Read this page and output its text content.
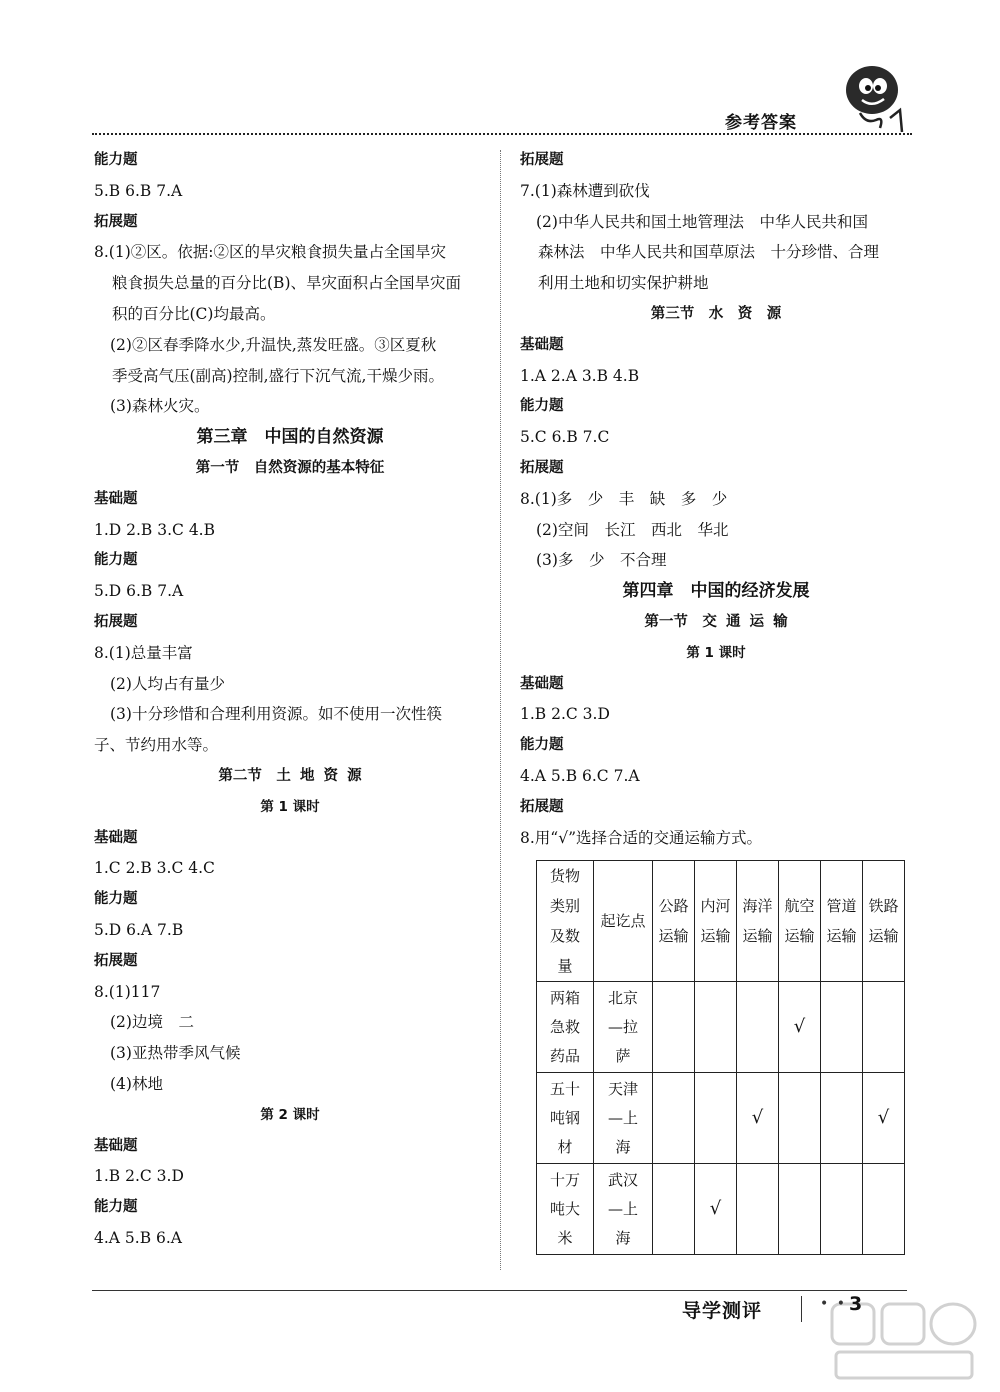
参考答案
能力题
5.B 6.B 7.A
拓展题
8.(1)②区。依据:②区的旱灾粮食损失量占全国旱灾
粮食损失总量的百分比(B)、旱灾面积占全国旱灾面
积的百分比(C)均最高。
(2)②区春季降水少,升温快,蒸发旺盛。③区夏秋
季受高气压(副高)控制,盛行下沉气流,干燥少雨。
(3)森林火灾。
第三章　中国的自然资源
第一节　自然资源的基本特征
基础题
1.D 2.B 3.C 4.B
能力题
5.D 6.B 7.A
拓展题
8.(1)总量丰富
(2)人均占有量少
(3)十分珍惜和合理利用资源。如不使用一次性筷
子、节约用水等。
第二节　土 地 资 源
第 1 课时
基础题
1.C 2.B 3.C 4.C
能力题
5.D 6.A 7.B
拓展题
8.(1)117
(2)边境　二
(3)亚热带季风气候
(4)林地
第 2 课时
基础题
1.B 2.C 3.D
能力题
4.A 5.B 6.A
拓展题
7.(1)森林遭到砍伐
(2)中华人民共和国土地管理法　中华人民共和国
森林法　中华人民共和国草原法　十分珍惜、合理
利用土地和切实保护耕地
第三节　水　资　源
基础题
1.A 2.A 3.B 4.B
能力题
5.C 6.B 7.C
拓展题
8.(1)多　少　丰　缺　多　少
(2)空间　长江　西北　华北
(3)多　少　不合理
第四章　中国的经济发展
第一节　交 通 运 输
第 1 课时
基础题
1.B 2.C 3.D
能力题
4.A 5.B 6.C 7.A
拓展题
8.用“√”选择合适的交通运输方式。
货物类别及数量	起讫点	公路运输	内河运输	海洋运输	航空运输	管道运输	铁路运输

两箱急救药品	北京—拉萨				√		

五十吨钢材	天津—上海			√			√

十万吨大米	武汉—上海		√				
导学测评	• • 3
